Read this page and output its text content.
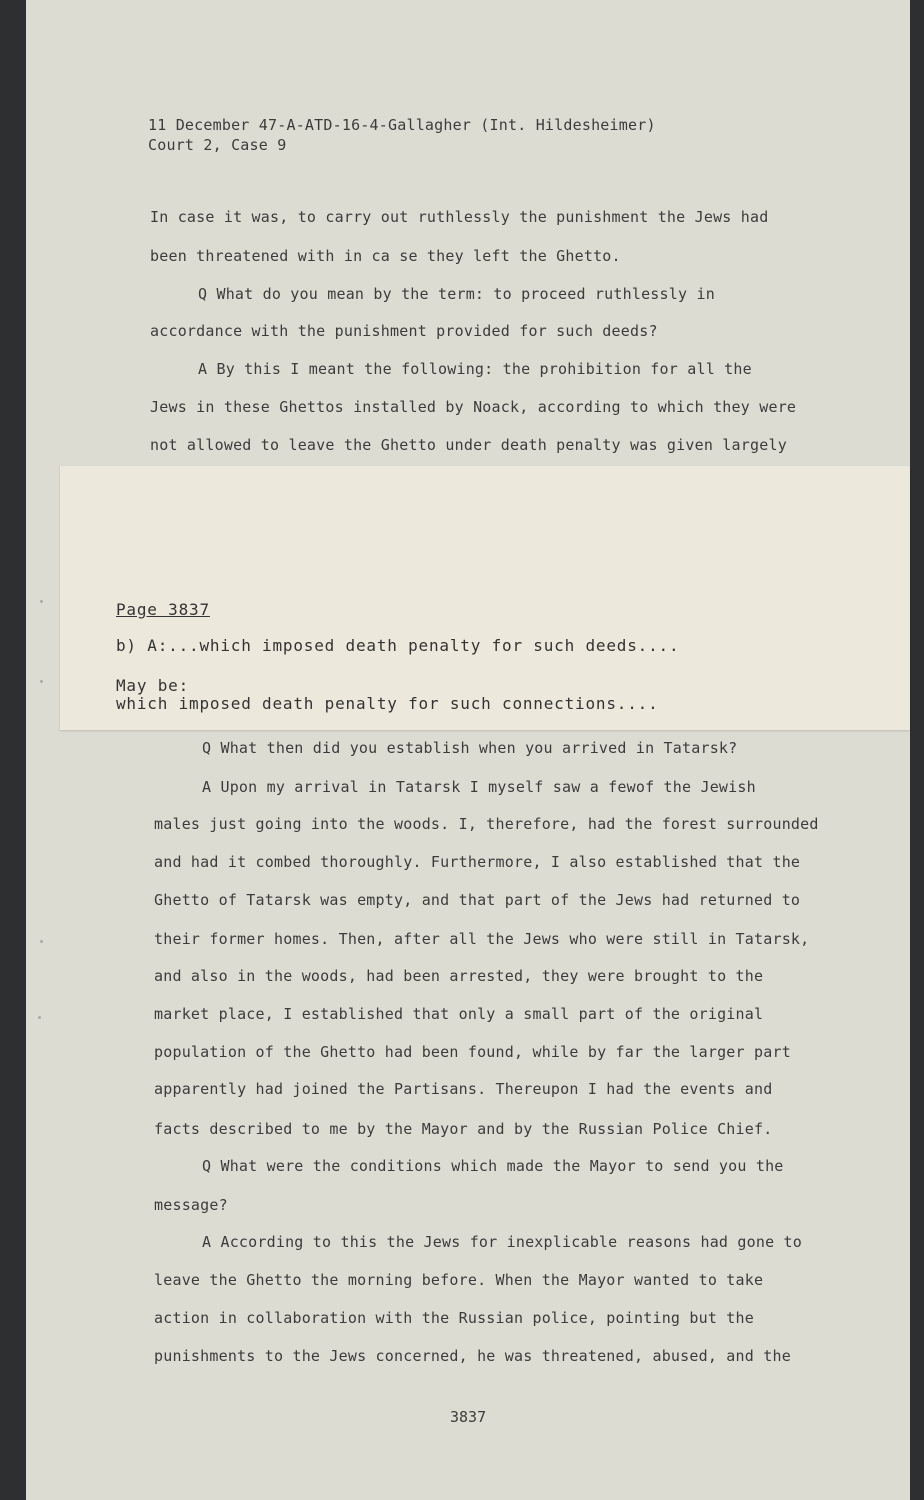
11 December 47-A-ATD-16-4-Gallagher (Int. Hildesheimer)
Court 2, Case 9
In case it was, to carry out ruthlessly the punishment the Jews had
been threatened with in ca se they left the Ghetto.
Q What do you mean by the term: to proceed ruthlessly in
accordance with the punishment provided for such deeds?
A By this I meant the following: the prohibition for all the
Jews in these Ghettos installed by Noack, according to which they were
not allowed to leave the Ghetto under death penalty was given largely
Q What then did you establish when you arrived in Tatarsk?
A Upon my arrival in Tatarsk I myself saw a fewof the Jewish
males just going into the woods. I, therefore, had the forest surrounded
and had it combed thoroughly. Furthermore, I also established that the
Ghetto of Tatarsk was empty, and that part of the Jews had returned to
their former homes. Then, after all the Jews who were still in Tatarsk,
and also in the woods, had been arrested, they were brought to the
market place, I established that only a small part of the original
population of the Ghetto had been found, while by far the larger part
apparently had joined the Partisans. Thereupon I had the events and
facts described to me by the Mayor and by the Russian Police Chief.
Q What were the conditions which made the Mayor to send you the
message?
A According to this the Jews for inexplicable reasons had gone to
leave the Ghetto the morning before. When the Mayor wanted to take
action in collaboration with the Russian police, pointing but the
punishments to the Jews concerned, he was threatened, abused, and the
3837
Page 3837
b) A:...which imposed death penalty for such deeds....
May be:
which imposed death penalty for such connections....
